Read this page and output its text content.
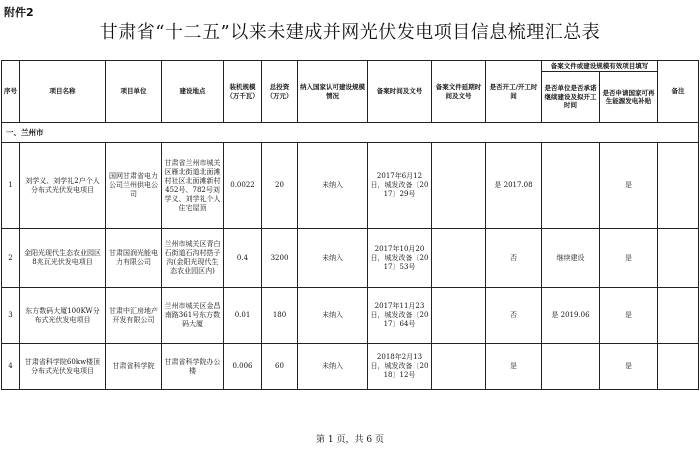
附件2
甘肃省“十二五”以来未建成并网光伏发电项目信息梳理汇总表
序号	项目名称	项目单位	建设地点	装机规模（万千瓦）	总投资（万元）	纳入国家认可建设规模情况	备案时间及文号	备案文件延期时间及文号	是否开工/开工时间	备案文件或建设规模有效项目填写		备注
										是否单位是否承诺继续建设及拟开工时间	是否申请国家可再生能源发电补贴	
一、兰州市												
1	刘学义、刘学礼2户个人分布式光伏发电项目	国网甘肃省电力公司兰州供电公司	甘肃省兰州市城关区雁北街道北面滩村社区北面滩新村452号、782号刘学义、刘学礼个人住宅屋顶	0.0022	20	未纳入	2017年6月12日，城发改备〔2017〕29号		是 2017.08		是	
2	金阳光现代生态农业园区8兆瓦光伏发电项目	甘肃国润光能电力有限公司	兰州市城关区青白石街道石沟村搭子沟(金阳光现代生态农业园区内)	0.4	3200	未纳入	2017年10月20日，城发改备〔2017〕53号		否	继续建设	是	
3	东方数码大厦100KW分布式光伏发电项目	甘肃中汇房地产开发有限公司	兰州市城关区金昌南路361号东方数码大厦	0.01	180	未纳入	2017年11月23日，城发改备〔2017〕64号		否	是 2019.06	是	
4	甘肃省科学院60kw楼顶分布式光伏发电项目	甘肃省科学院	甘肃省科学院办公楼	0.006	60	未纳入	2018年2月13日，城发改备〔2018〕12号		是		是	
第 1 页，共 6 页
